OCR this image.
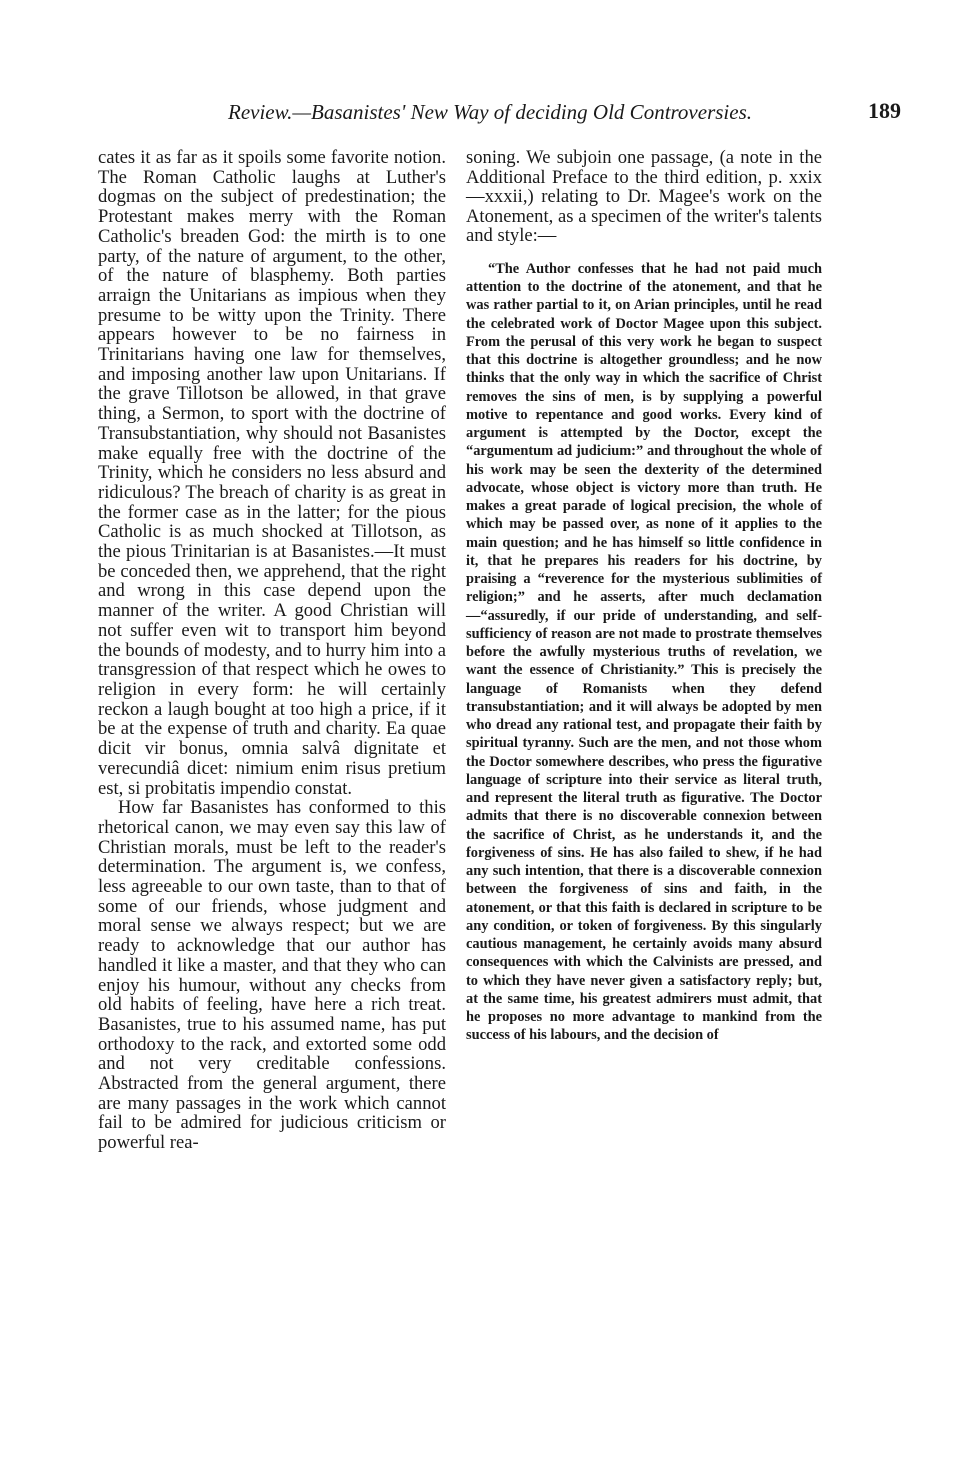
Review.—Basanistes' New Way of deciding Old Controversies.	189

cates it as far as it spoils some favorite notion. The Roman Catholic laughs at Luther's dogmas on the subject of predestination; the Protestant makes merry with the Roman Catholic's breaden God: the mirth is to one party, of the nature of argument, to the other, of the nature of blasphemy. Both parties arraign the Unitarians as impious when they presume to be witty upon the Trinity. There appears however to be no fairness in Trinitarians having one law for themselves, and imposing another law upon Unitarians. If the grave Tillotson be allowed, in that grave thing, a Sermon, to sport with the doctrine of Transubstantiation, why should not Basanistes make equally free with the doctrine of the Trinity, which he considers no less absurd and ridiculous? The breach of charity is as great in the former case as in the latter; for the pious Catholic is as much shocked at Tillotson, as the pious Trinitarian is at Basanistes.—It must be conceded then, we apprehend, that the right and wrong in this case depend upon the manner of the writer. A good Christian will not suffer even wit to transport him beyond the bounds of modesty, and to hurry him into a transgression of that respect which he owes to religion in every form: he will certainly reckon a laugh bought at too high a price, if it be at the expense of truth and charity. Ea quae dicit vir bonus, omnia salvâ dignitate et verecundiâ dicet: nimium enim risus pretium est, si probitatis impendio constat.

How far Basanistes has conformed to this rhetorical canon, we may even say this law of Christian morals, must be left to the reader's determination. The argument is, we confess, less agreeable to our own taste, than to that of some of our friends, whose judgment and moral sense we always respect; but we are ready to acknowledge that our author has handled it like a master, and that they who can enjoy his humour, without any checks from old habits of feeling, have here a rich treat. Basanistes, true to his assumed name, has put orthodoxy to the rack, and extorted some odd and not very creditable confessions. Abstracted from the general argument, there are many passages in the work which cannot fail to be admired for judicious criticism or powerful rea-

soning. We subjoin one passage, (a note in the Additional Preface to the third edition, p. xxix—xxxii,) relating to Dr. Magee's work on the Atonement, as a specimen of the writer's talents and style:—

“The Author confesses that he had not paid much attention to the doctrine of the atonement, and that he was rather partial to it, on Arian principles, until he read the celebrated work of Doctor Magee upon this subject. From the perusal of this very work he began to suspect that this doctrine is altogether groundless; and he now thinks that the only way in which the sacrifice of Christ removes the sins of men, is by supplying a powerful motive to repentance and good works. Every kind of argument is attempted by the Doctor, except the “argumentum ad judicium:” and throughout the whole of his work may be seen the dexterity of the determined advocate, whose object is victory more than truth. He makes a great parade of logical precision, the whole of which may be passed over, as none of it applies to the main question; and he has himself so little confidence in it, that he prepares his readers for his doctrine, by praising a “reverence for the mysterious sublimities of religion;” and he asserts, after much declamation—“assuredly, if our pride of understanding, and self-sufficiency of reason are not made to prostrate themselves before the awfully mysterious truths of revelation, we want the essence of Christianity.” This is precisely the language of Romanists when they defend transubstantiation; and it will always be adopted by men who dread any rational test, and propagate their faith by spiritual tyranny. Such are the men, and not those whom the Doctor somewhere describes, who press the figurative language of scripture into their service as literal truth, and represent the literal truth as figurative. The Doctor admits that there is no discoverable connexion between the sacrifice of Christ, as he understands it, and the forgiveness of sins. He has also failed to shew, if he had any such intention, that there is a discoverable connexion between the forgiveness of sins and faith, in the atonement, or that this faith is declared in scripture to be any condition, or token of forgiveness. By this singularly cautious management, he certainly avoids many absurd consequences with which the Calvinists are pressed, and to which they have never given a satisfactory reply; but, at the same time, his greatest admirers must admit, that he proposes no more advantage to mankind from the success of his labours, and the decision of
